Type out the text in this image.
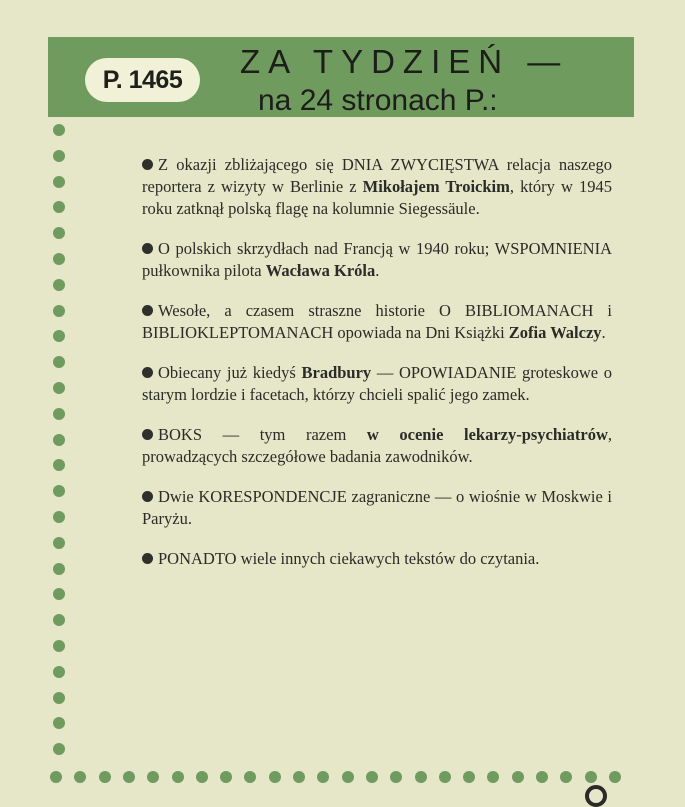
P. 1465	ZA TYDZIEŃ —
na 24 stronach P.:

Z okazji zbliżającego się DNIA ZWYCIĘSTWA relacja naszego reportera z wizyty w Berlinie z Mikołajem Troickim, który w 1945 roku zatknął polską flagę na kolumnie Siegessäule.

O polskich skrzydłach nad Francją w 1940 roku; WSPOMNIENIA pułkownika pilota Wacława Króla.

Wesołe, a czasem straszne historie O BIBLIOMANACH i BIBLIOKLEPTOMANACH opowiada na Dni Książki Zofia Walczy.

Obiecany już kiedyś Bradbury — OPOWIADANIE groteskowe o starym lordzie i facetach, którzy chcieli spalić jego zamek.

BOKS — tym razem w ocenie lekarzy-psychiatrów, prowadzących szczegółowe badania zawodników.

Dwie KORESPONDENCJE zagraniczne — o wiośnie w Moskwie i Paryżu.

PONADTO wiele innych ciekawych tekstów do czytania.
